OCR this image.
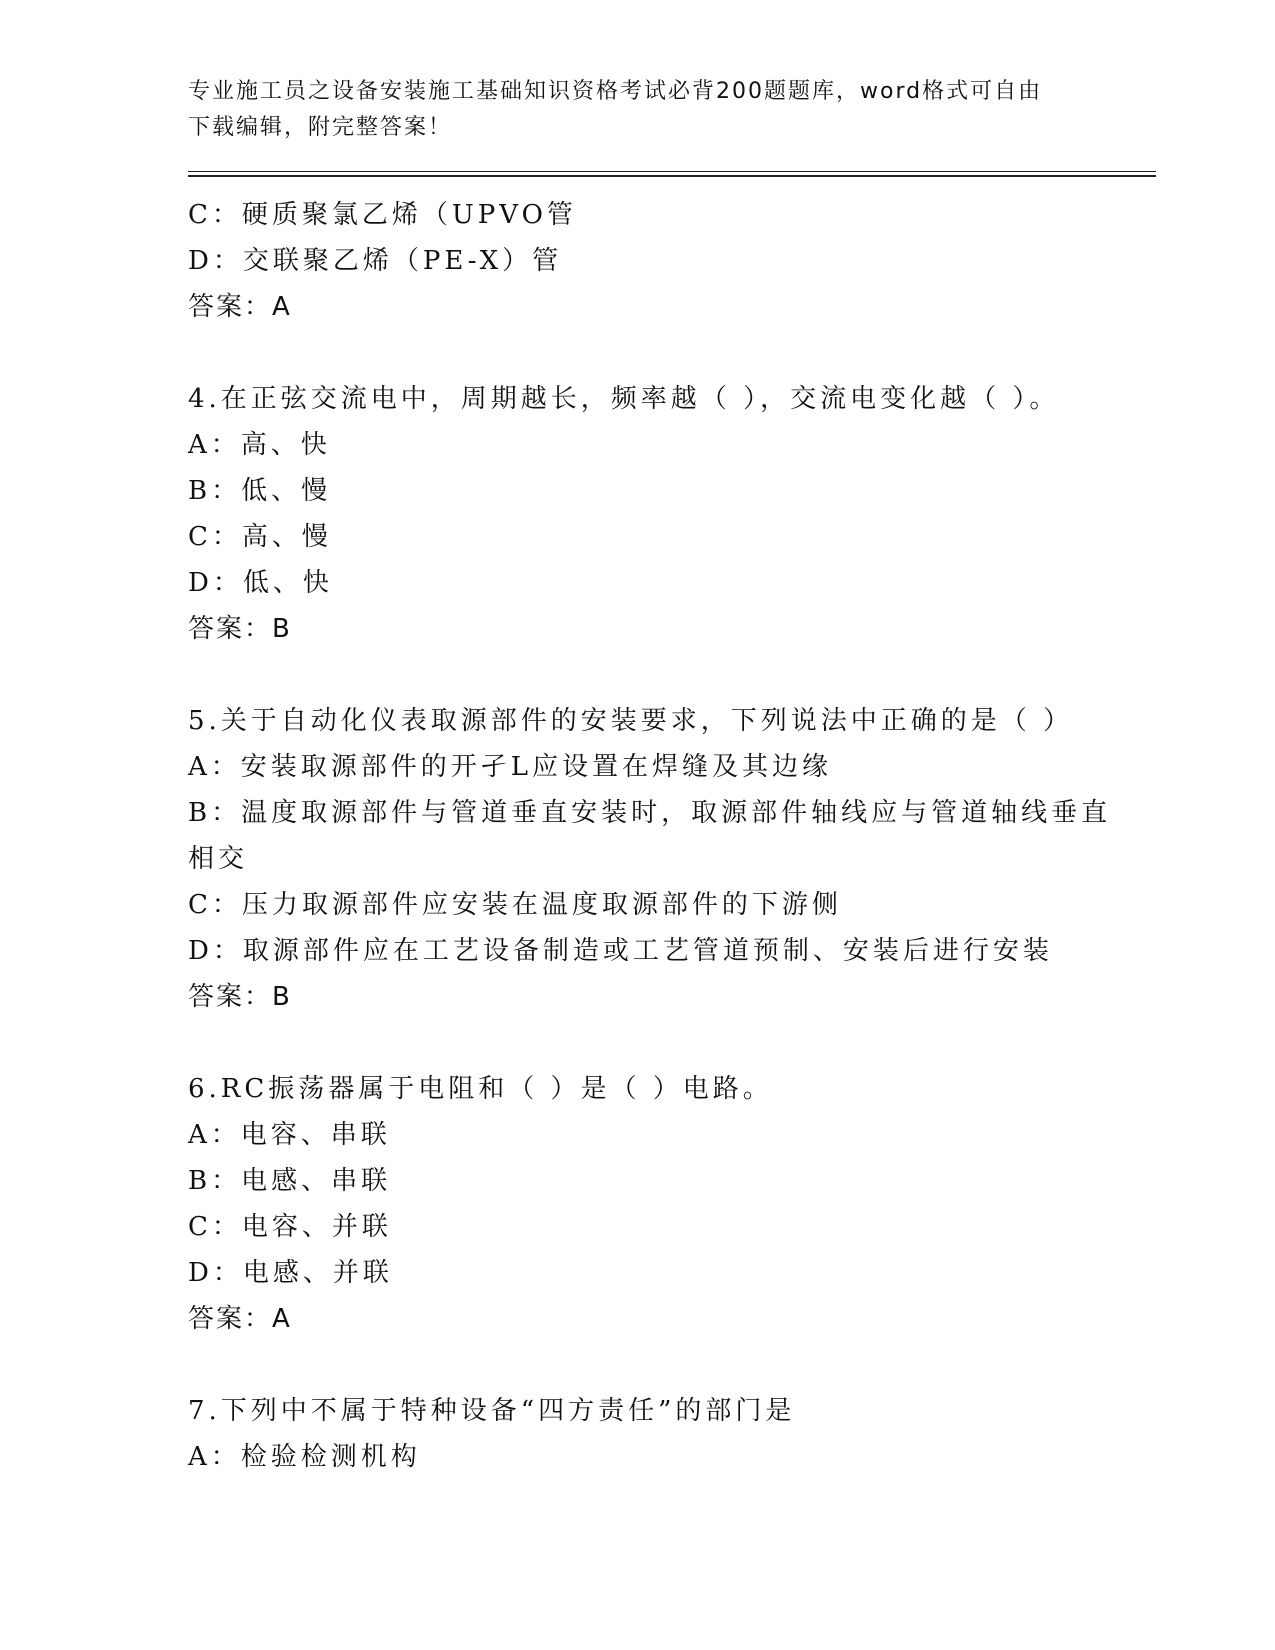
专业施工员之设备安装施工基础知识资格考试必背200题题库，word格式可自由
下载编辑，附完整答案！
C：硬质聚氯乙烯（UPVO管
D：交联聚乙烯（PE-X）管
答案：A
4.在正弦交流电中，周期越长，频率越（ ），交流电变化越（ ）。
A：高、快
B：低、慢
C：高、慢
D：低、快
答案：B
5.关于自动化仪表取源部件的安装要求，下列说法中正确的是（ ）
A：安装取源部件的开孑L应设置在焊缝及其边缘
B：温度取源部件与管道垂直安装时，取源部件轴线应与管道轴线垂直
相交
C：压力取源部件应安装在温度取源部件的下游侧
D：取源部件应在工艺设备制造或工艺管道预制、安装后进行安装
答案：B
6.RC振荡器属于电阻和（ ）是（ ）电路。
A：电容、串联
B：电感、串联
C：电容、并联
D：电感、并联
答案：A
7.下列中不属于特种设备“四方责任”的部门是
A：检验检测机构
